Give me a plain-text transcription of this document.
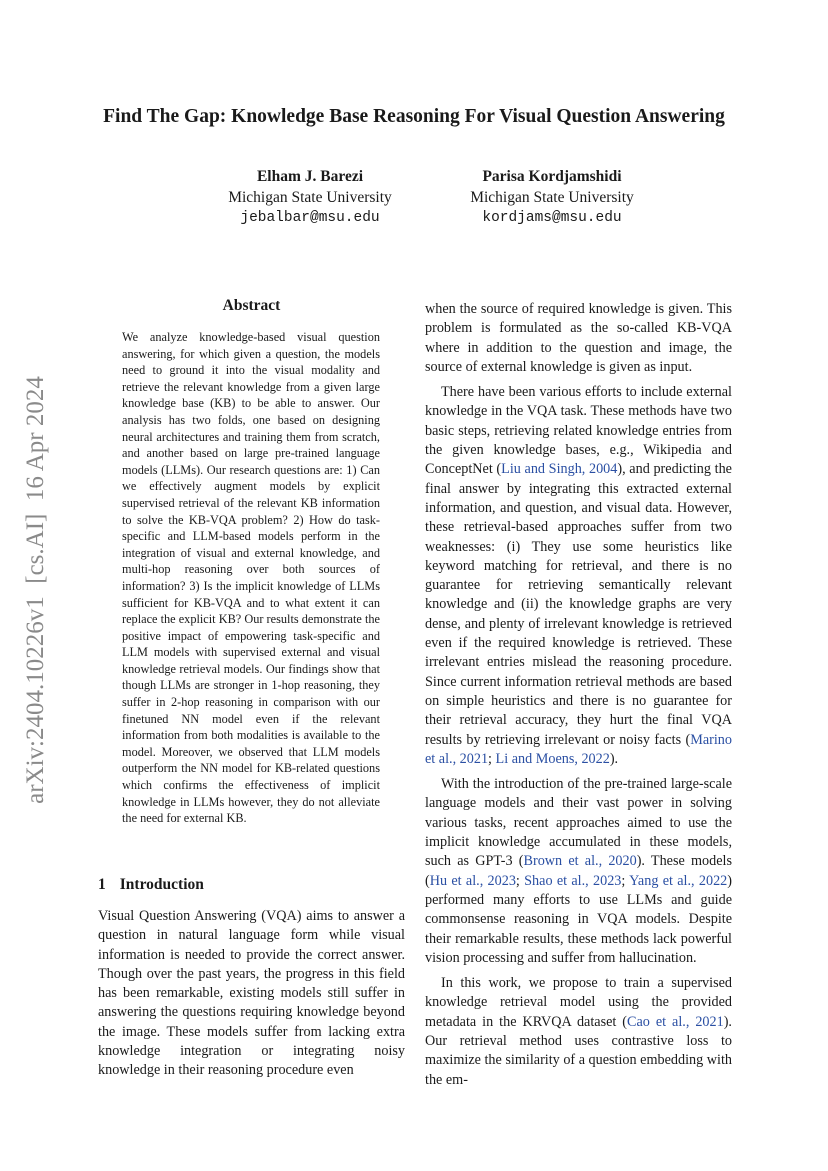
Find The Gap: Knowledge Base Reasoning For Visual Question Answering
Elham J. Barezi
Michigan State University
jebalbar@msu.edu
Parisa Kordjamshidi
Michigan State University
kordjams@msu.edu
arXiv:2404.10226v1  [cs.AI]  16 Apr 2024
Abstract

We analyze knowledge-based visual question answering, for which given a question, the models need to ground it into the visual modality and retrieve the relevant knowledge from a given large knowledge base (KB) to be able to answer. Our analysis has two folds, one based on designing neural architectures and training them from scratch, and another based on large pre-trained language models (LLMs). Our research questions are: 1) Can we effectively augment models by explicit supervised retrieval of the relevant KB information to solve the KB-VQA problem? 2) How do task-specific and LLM-based models perform in the integration of visual and external knowledge, and multi-hop reasoning over both sources of information? 3) Is the implicit knowledge of LLMs sufficient for KB-VQA and to what extent it can replace the explicit KB? Our results demonstrate the positive impact of empowering task-specific and LLM models with supervised external and visual knowledge retrieval models. Our findings show that though LLMs are stronger in 1-hop reasoning, they suffer in 2-hop reasoning in comparison with our finetuned NN model even if the relevant information from both modalities is available to the model. Moreover, we observed that LLM models outperform the NN model for KB-related questions which confirms the effectiveness of implicit knowledge in LLMs however, they do not alleviate the need for external KB.

1 Introduction

Visual Question Answering (VQA) aims to answer a question in natural language form while visual information is needed to provide the correct answer. Though over the past years, the progress in this field has been remarkable, existing models still suffer in answering the questions requiring knowledge beyond the image. These models suffer from lacking extra knowledge integration or integrating noisy knowledge in their reasoning procedure even

when the source of required knowledge is given. This problem is formulated as the so-called KB-VQA where in addition to the question and image, the source of external knowledge is given as input.

There have been various efforts to include external knowledge in the VQA task. These methods have two basic steps, retrieving related knowledge entries from the given knowledge bases, e.g., Wikipedia and ConceptNet (Liu and Singh, 2004), and predicting the final answer by integrating this extracted external information, and question, and visual data. However, these retrieval-based approaches suffer from two weaknesses: (i) They use some heuristics like keyword matching for retrieval, and there is no guarantee for retrieving semantically relevant knowledge and (ii) the knowledge graphs are very dense, and plenty of irrelevant knowledge is retrieved even if the required knowledge is retrieved. These irrelevant entries mislead the reasoning procedure. Since current information retrieval methods are based on simple heuristics and there is no guarantee for their retrieval accuracy, they hurt the final VQA results by retrieving irrelevant or noisy facts (Marino et al., 2021; Li and Moens, 2022).

With the introduction of the pre-trained large-scale language models and their vast power in solving various tasks, recent approaches aimed to use the implicit knowledge accumulated in these models, such as GPT-3 (Brown et al., 2020). These models (Hu et al., 2023; Shao et al., 2023; Yang et al., 2022) performed many efforts to use LLMs and guide commonsense reasoning in VQA models. Despite their remarkable results, these methods lack powerful vision processing and suffer from hallucination.

In this work, we propose to train a supervised knowledge retrieval model using the provided metadata in the KRVQA dataset (Cao et al., 2021). Our retrieval method uses contrastive loss to maximize the similarity of a question embedding with the em-
